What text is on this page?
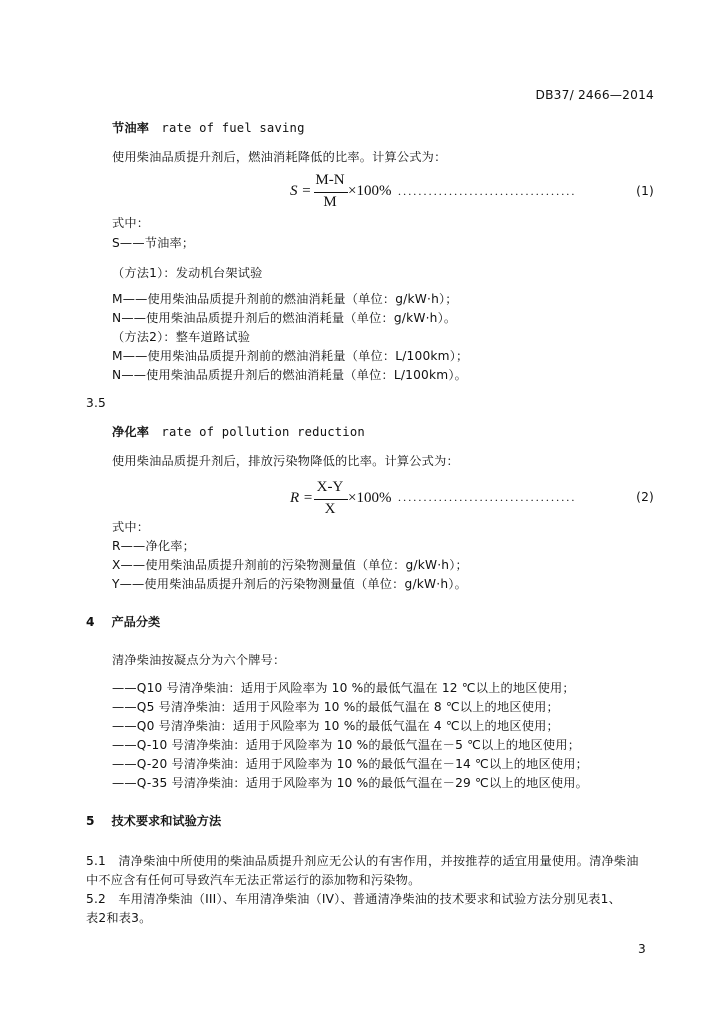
DB37/ 2466—2014
节油率 rate of fuel saving
使用柴油品质提升剂后，燃油消耗降低的比率。计算公式为：
S =
M-N
M
×100% ...................................	(1)
式中：
S——节油率；
（方法1）：发动机台架试验
M——使用柴油品质提升剂前的燃油消耗量（单位：g/kW·h）；
N——使用柴油品质提升剂后的燃油消耗量（单位：g/kW·h）。
（方法2）：整车道路试验
M——使用柴油品质提升剂前的燃油消耗量（单位：L/100km）；
N——使用柴油品质提升剂后的燃油消耗量（单位：L/100km）。
3.5
净化率 rate of pollution reduction
使用柴油品质提升剂后，排放污染物降低的比率。计算公式为：
R =
X-Y
X
×100% ...................................	(2)
式中：
R——净化率；
X——使用柴油品质提升剂前的污染物测量值（单位：g/kW·h）；
Y——使用柴油品质提升剂后的污染物测量值（单位：g/kW·h）。
4 产品分类
清净柴油按凝点分为六个牌号：
——Q10 号清净柴油：适用于风险率为 10 %的最低气温在 12 ℃以上的地区使用；
——Q5 号清净柴油：适用于风险率为 10 %的最低气温在 8 ℃以上的地区使用；
——Q0 号清净柴油：适用于风险率为 10 %的最低气温在 4 ℃以上的地区使用；
——Q-10 号清净柴油：适用于风险率为 10 %的最低气温在－5 ℃以上的地区使用；
——Q-20 号清净柴油：适用于风险率为 10 %的最低气温在－14 ℃以上的地区使用；
——Q-35 号清净柴油：适用于风险率为 10 %的最低气温在－29 ℃以上的地区使用。
5 技术要求和试验方法
5.1　清净柴油中所使用的柴油品质提升剂应无公认的有害作用，并按推荐的适宜用量使用。清净柴油
中不应含有任何可导致汽车无法正常运行的添加物和污染物。
5.2　车用清净柴油（III）、车用清净柴油（IV）、普通清净柴油的技术要求和试验方法分别见表1、
表2和表3。
3
